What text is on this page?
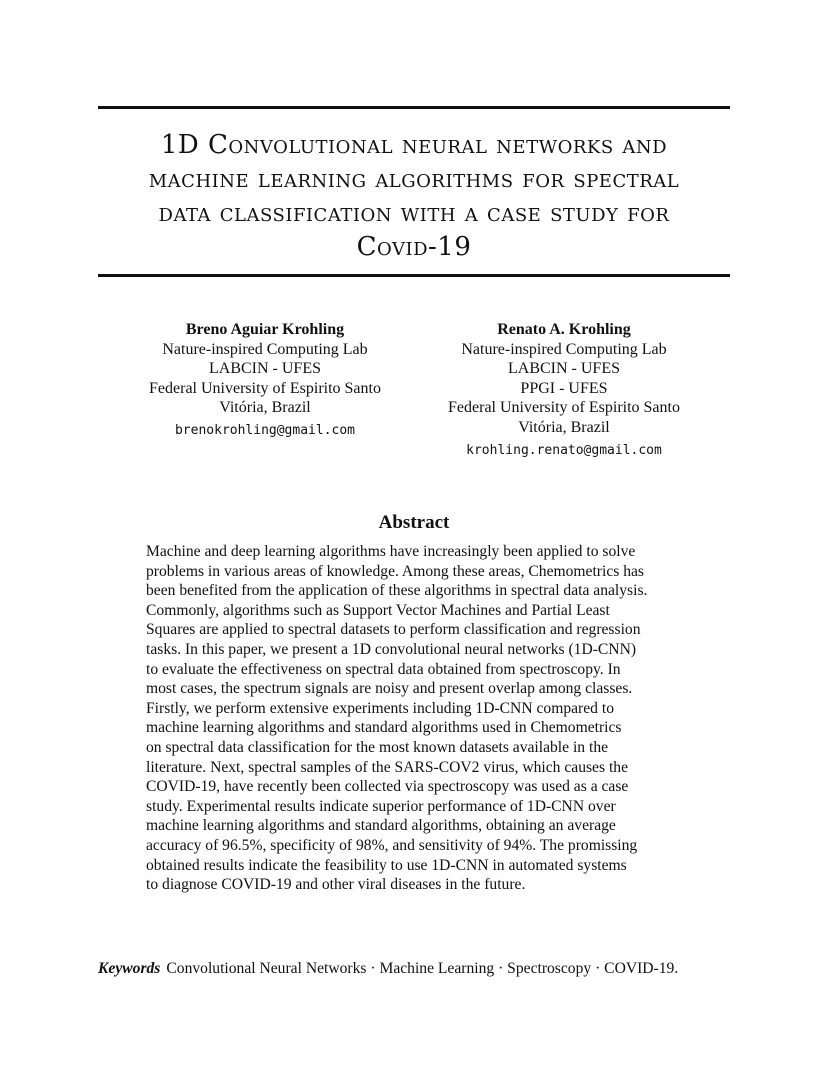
1D Convolutional neural networks and
machine learning algorithms for spectral
data classification with a case study for
Covid-19
Breno Aguiar Krohling
Nature-inspired Computing Lab
LABCIN - UFES
Federal University of Espirito Santo
Vitória, Brazil
brenokrohling@gmail.com
Renato A. Krohling
Nature-inspired Computing Lab
LABCIN - UFES
PPGI - UFES
Federal University of Espirito Santo
Vitória, Brazil
krohling.renato@gmail.com
Abstract
Machine and deep learning algorithms have increasingly been applied to solve
problems in various areas of knowledge. Among these areas, Chemometrics has
been benefited from the application of these algorithms in spectral data analysis.
Commonly, algorithms such as Support Vector Machines and Partial Least
Squares are applied to spectral datasets to perform classification and regression
tasks. In this paper, we present a 1D convolutional neural networks (1D-CNN)
to evaluate the effectiveness on spectral data obtained from spectroscopy. In
most cases, the spectrum signals are noisy and present overlap among classes.
Firstly, we perform extensive experiments including 1D-CNN compared to
machine learning algorithms and standard algorithms used in Chemometrics
on spectral data classification for the most known datasets available in the
literature. Next, spectral samples of the SARS-COV2 virus, which causes the
COVID-19, have recently been collected via spectroscopy was used as a case
study. Experimental results indicate superior performance of 1D-CNN over
machine learning algorithms and standard algorithms, obtaining an average
accuracy of 96.5%, specificity of 98%, and sensitivity of 94%. The promissing
obtained results indicate the feasibility to use 1D-CNN in automated systems
to diagnose COVID-19 and other viral diseases in the future.
Keywords Convolutional Neural Networks · Machine Learning · Spectroscopy · COVID-19.
